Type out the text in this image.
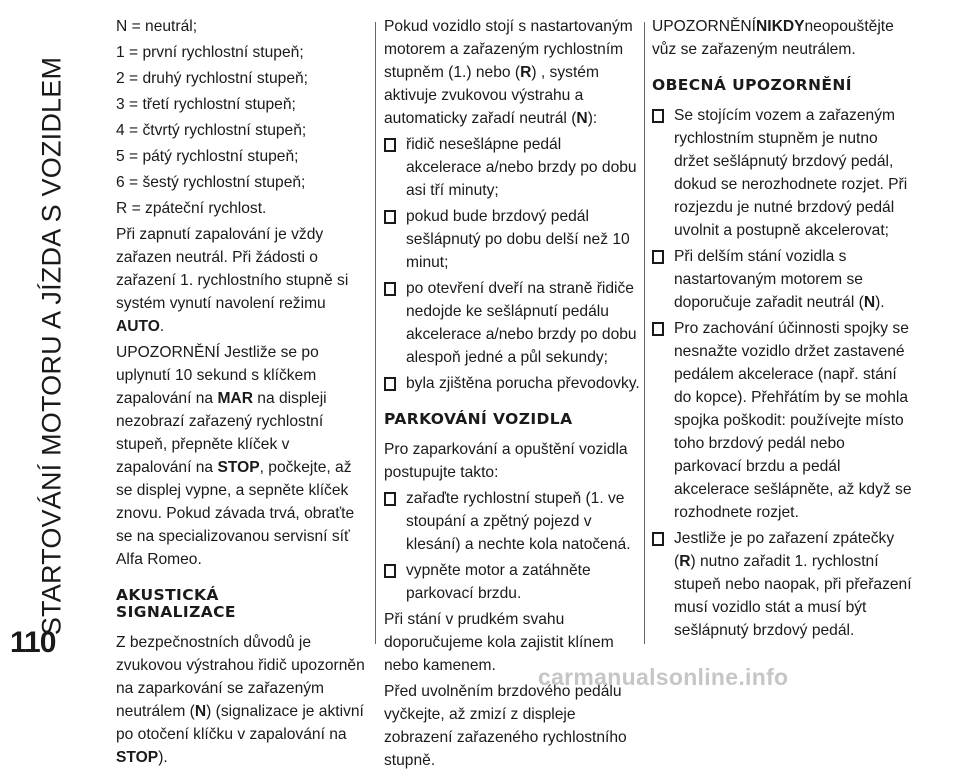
STARTOVÁNÍ MOTORU A JÍZDA S VOZIDLEM
110

N = neutrál;

1 = první rychlostní stupeň;

2 = druhý rychlostní stupeň;

3 = třetí rychlostní stupeň;

4 = čtvrtý rychlostní stupeň;

5 = pátý rychlostní stupeň;

6 = šestý rychlostní stupeň;

R = zpáteční rychlost.

Při zapnutí zapalování je vždy zařazen neutrál. Při žádosti o zařazení 1. rychlostního stupně si systém vynutí navolení režimu AUTO.

UPOZORNĚNÍ Jestliže se po uplynutí 10 sekund s klíčkem zapalování na MAR na displeji nezobrazí zařazený rychlostní stupeň, přepněte klíček v zapalování na STOP, počkejte, až se displej vypne, a sepněte klíček znovu. Pokud závada trvá, obraťte se na specializovanou servisní síť Alfa Romeo.

AKUSTICKÁ
SIGNALIZACE

Z bezpečnostních důvodů je zvukovou výstrahou řidič upozorněn na zaparkování se zařazeným neutrálem (N) (signalizace je aktivní po otočení klíčku v zapalování na STOP).

Pokud vozidlo stojí s nastartovaným motorem a zařazeným rychlostním stupněm (1.) nebo (R) , systém aktivuje zvukovou výstrahu a automaticky zařadí neutrál (N):

řidič nesešlápne pedál akcelerace a/nebo brzdy po dobu asi tří minuty;
pokud bude brzdový pedál sešlápnutý po dobu delší než 10 minut;
po otevření dveří na straně řidiče nedojde ke sešlápnutí pedálu akcelerace a/nebo brzdy po dobu alespoň jedné a půl sekundy;
byla zjištěna porucha převodovky.
PARKOVÁNÍ VOZIDLA

Pro zaparkování a opuštění vozidla postupujte takto:

zařaďte rychlostní stupeň (1. ve stoupání a zpětný pojezd v klesání) a nechte kola natočená.
vypněte motor a zatáhněte parkovací brzdu.

Při stání v prudkém svahu doporučujeme kola zajistit klínem nebo kamenem.

Před uvolněním brzdového pedálu vyčkejte, až zmizí z displeje zobrazení zařazeného rychlostního stupně.

UPOZORNĚNÍNIKDYneopouštějte vůz se zařazeným neutrálem.

OBECNÁ UPOZORNĚNÍ
Se stojícím vozem a zařazeným rychlostním stupněm je nutno držet sešlápnutý brzdový pedál, dokud se nerozhodnete rozjet. Při rozjezdu je nutné brzdový pedál uvolnit a postupně akcelerovat;
Při delším stání vozidla s nastartovaným motorem se doporučuje zařadit neutrál (N).
Pro zachování účinnosti spojky se nesnažte vozidlo držet zastavené pedálem akcelerace (např. stání do kopce). Přehřátím by se mohla spojka poškodit: používejte místo toho brzdový pedál nebo parkovací brzdu a pedál akcelerace sešlápněte, až když se rozhodnete rozjet.
Jestliže je po zařazení zpátečky (R) nutno zařadit 1. rychlostní stupeň nebo naopak, při přeřazení musí vozidlo stát a musí být sešlápnutý brzdový pedál.
carmanualsonline.info
